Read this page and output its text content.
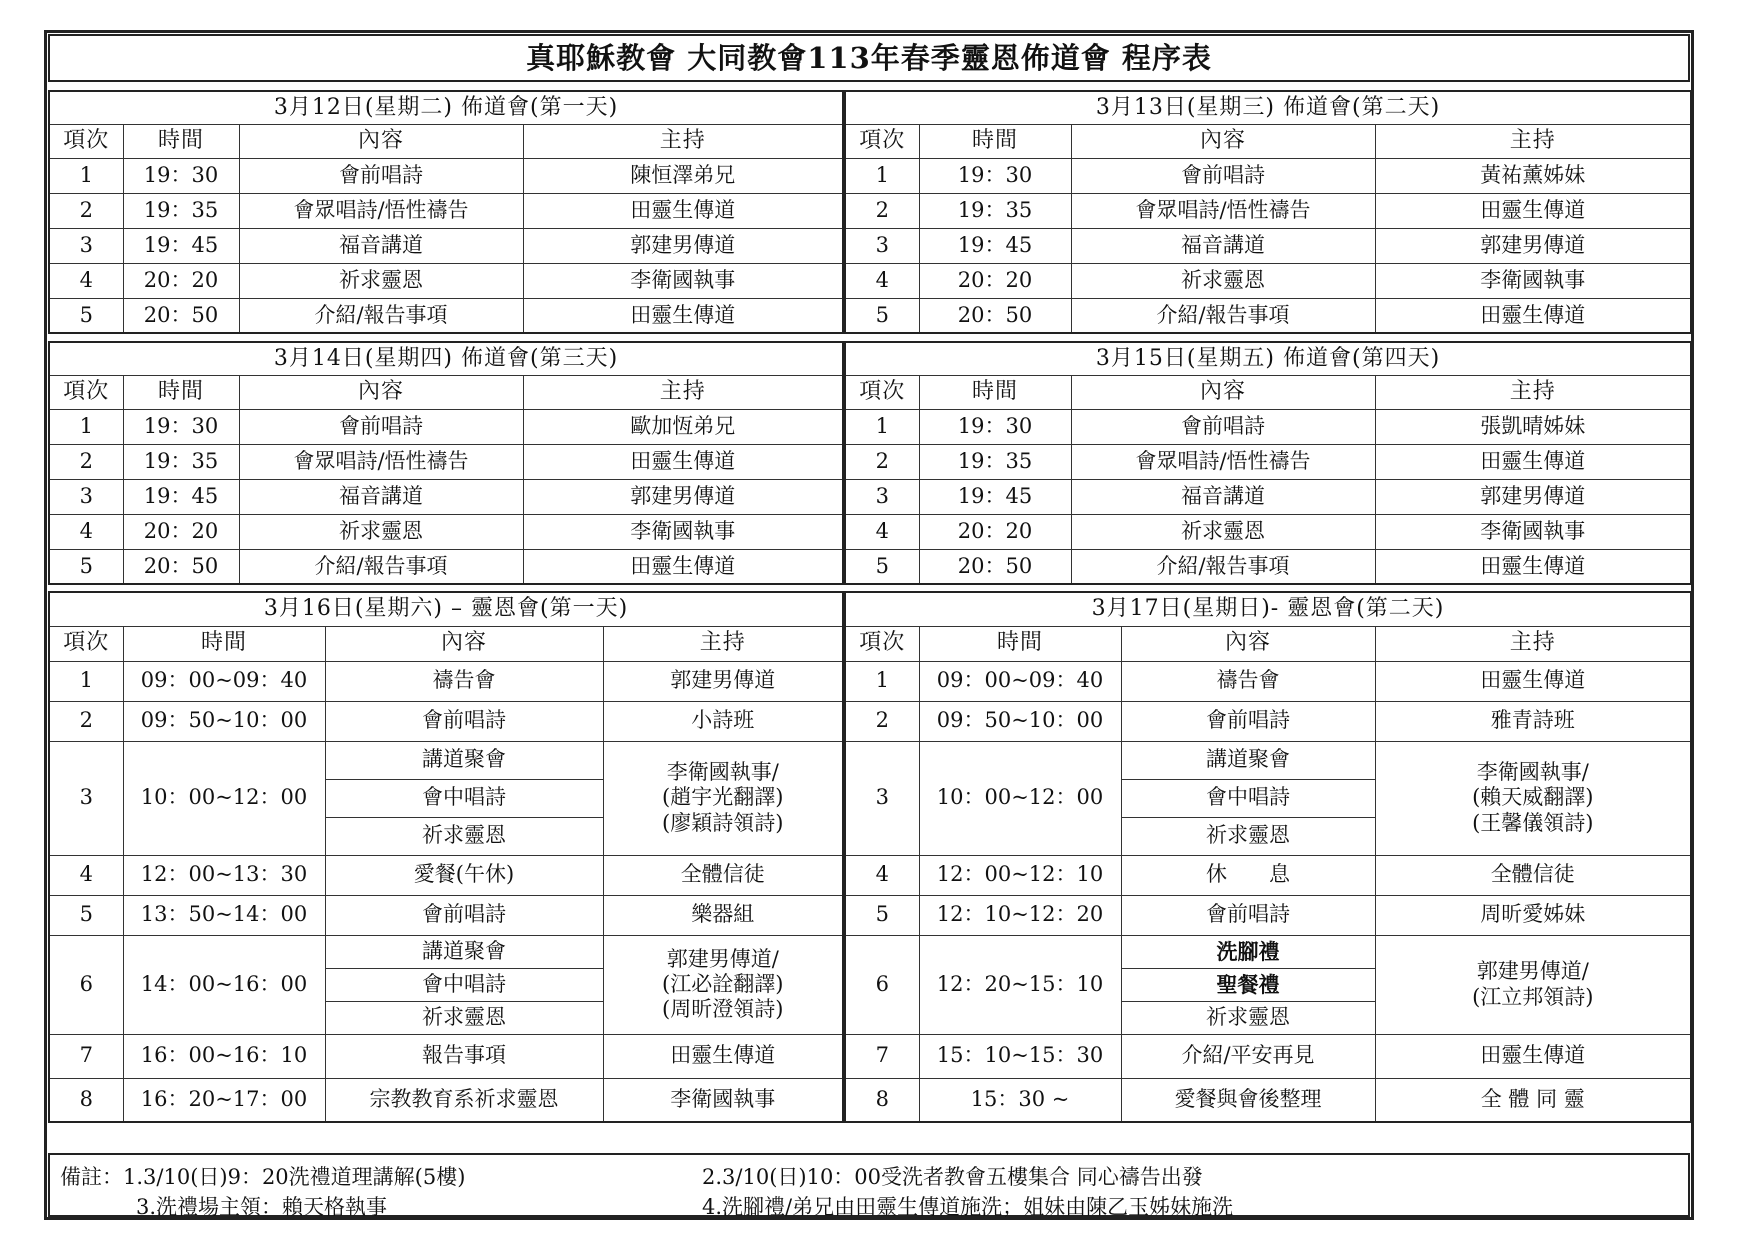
真耶穌教會 大同教會113年春季靈恩佈道會 程序表
3月12日(星期二) 佈道會(第一天)			
項次	時間	內容	主持
1	19：30	會前唱詩	陳恒澤弟兄
2	19：35	會眾唱詩/悟性禱告	田靈生傳道
3	19：45	福音講道	郭建男傳道
4	20：20	祈求靈恩	李衛國執事
5	20：50	介紹/報告事項	田靈生傳道
3月13日(星期三) 佈道會(第二天)			
項次	時間	內容	主持
1	19：30	會前唱詩	黃祐薰姊妹
2	19：35	會眾唱詩/悟性禱告	田靈生傳道
3	19：45	福音講道	郭建男傳道
4	20：20	祈求靈恩	李衛國執事
5	20：50	介紹/報告事項	田靈生傳道
3月14日(星期四) 佈道會(第三天)			
項次	時間	內容	主持
1	19：30	會前唱詩	歐加恆弟兄
2	19：35	會眾唱詩/悟性禱告	田靈生傳道
3	19：45	福音講道	郭建男傳道
4	20：20	祈求靈恩	李衛國執事
5	20：50	介紹/報告事項	田靈生傳道
3月15日(星期五) 佈道會(第四天)			
項次	時間	內容	主持
1	19：30	會前唱詩	張凱晴姊妹
2	19：35	會眾唱詩/悟性禱告	田靈生傳道
3	19：45	福音講道	郭建男傳道
4	20：20	祈求靈恩	李衛國執事
5	20：50	介紹/報告事項	田靈生傳道
3月16日(星期六) – 靈恩會(第一天)			
項次	時間	內容	主持
1	09：00~09：40	禱告會	郭建男傳道
2	09：50~10：00	會前唱詩	小詩班
3	10：00~12：00	講道聚會	李衛國執事/
(趙宇光翻譯)
(廖穎詩領詩)

		會中唱詩	
		祈求靈恩	
4	12：00~13：30	愛餐(午休)	全體信徒
5	13：50~14：00	會前唱詩	樂器組
6	14：00~16：00	講道聚會	郭建男傳道/
(江必詮翻譯)
(周昕澄領詩)

		會中唱詩	
		祈求靈恩	
7	16：00~16：10	報告事項	田靈生傳道
8	16：20~17：00	宗教教育系祈求靈恩	李衛國執事
3月17日(星期日)- 靈恩會(第二天)			
項次	時間	內容	主持
1	09：00~09：40	禱告會	田靈生傳道
2	09：50~10：00	會前唱詩	雅青詩班
3	10：00~12：00	講道聚會	李衛國執事/
(賴天威翻譯)
(王馨儀領詩)

		會中唱詩	
		祈求靈恩	
4	12：00~12：10	休　　息	全體信徒
5	12：10~12：20	會前唱詩	周昕愛姊妹
6	12：20~15：10	洗腳禮	郭建男傳道/
(江立邦領詩)

		聖餐禮	
		祈求靈恩	
7	15：10~15：30	介紹/平安再見	田靈生傳道
8	15：30 ~	愛餐與會後整理	全 體 同 靈
備註：1.3/10(日)9：20洗禮道理講解(5樓)	2.3/10(日)10：00受洗者教會五樓集合 同心禱告出發
3.洗禮場主領：賴天格執事	4.洗腳禮/弟兄由田靈生傳道施洗；姐妹由陳乙玉姊妹施洗
